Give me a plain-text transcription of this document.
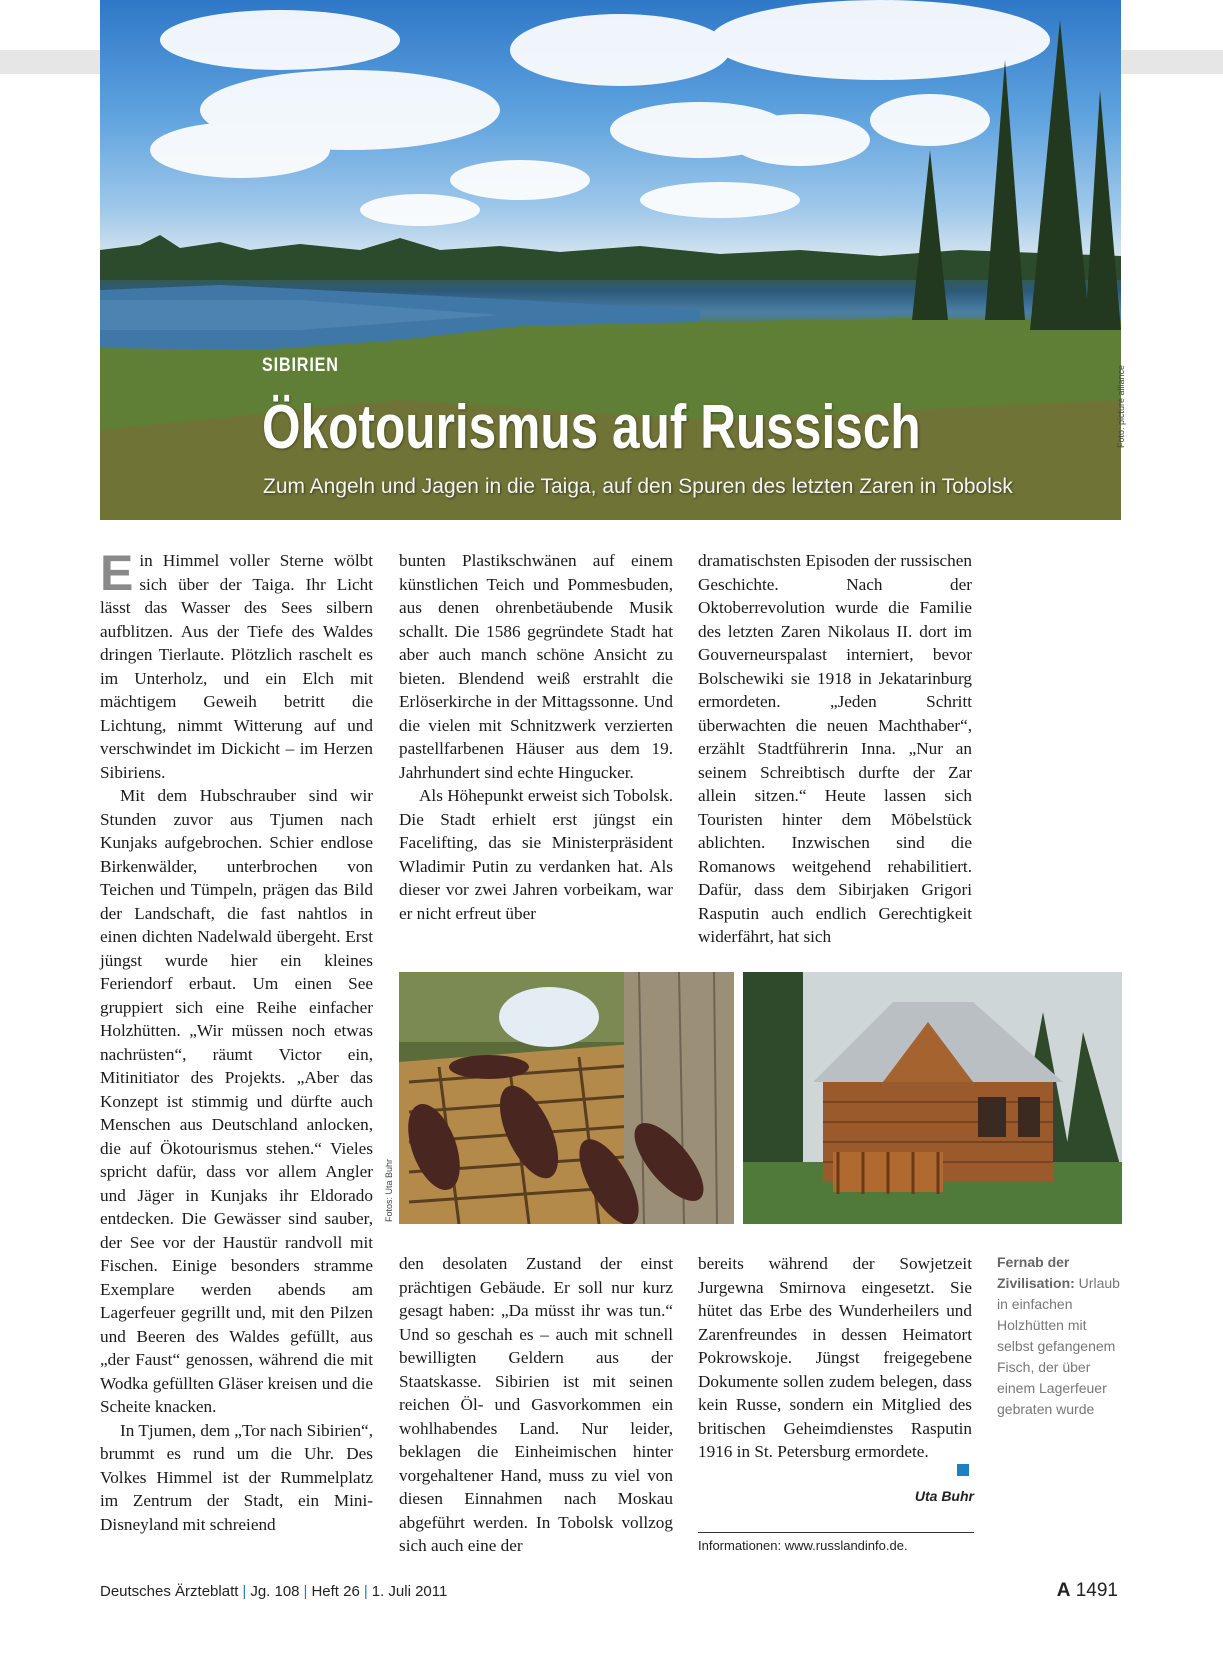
SIBIRIEN
Ökotourismus auf Russisch
Zum Angeln und Jagen in die Taiga, auf den Spuren des letzten Zaren in Tobolsk
Foto: picture alliance

Ein Himmel voller Sterne wölbt sich über der Taiga. Ihr Licht lässt das Wasser des Sees silbern aufblitzen. Aus der Tiefe des Waldes dringen Tierlaute. Plötzlich raschelt es im Unterholz, und ein Elch mit mächtigem Geweih betritt die Lichtung, nimmt Witterung auf und verschwindet im Dickicht – im Herzen Sibiriens.

Mit dem Hubschrauber sind wir Stunden zuvor aus Tjumen nach Kunjaks aufgebrochen. Schier endlose Birkenwälder, unterbrochen von Teichen und Tümpeln, prägen das Bild der Landschaft, die fast nahtlos in einen dichten Nadelwald übergeht. Erst jüngst wurde hier ein kleines Feriendorf erbaut. Um einen See gruppiert sich eine Reihe einfacher Holzhütten. „Wir müssen noch etwas nachrüsten“, räumt Victor ein, Mitinitiator des Projekts. „Aber das Konzept ist stimmig und dürfte auch Menschen aus Deutschland anlocken, die auf Ökotourismus stehen.“ Vieles spricht dafür, dass vor allem Angler und Jäger in Kunjaks ihr Eldorado entdecken. Die Gewässer sind sauber, der See vor der Haustür randvoll mit Fischen. Einige besonders stramme Exemplare werden abends am Lagerfeuer gegrillt und, mit den Pilzen und Beeren des Waldes gefüllt, aus „der Faust“ genossen, während die mit Wodka gefüllten Gläser kreisen und die Scheite knacken.

In Tjumen, dem „Tor nach Sibirien“, brummt es rund um die Uhr. Des Volkes Himmel ist der Rummelplatz im Zentrum der Stadt, ein Mini-Disneyland mit schreiend

bunten Plastikschwänen auf einem künstlichen Teich und Pommesbuden, aus denen ohrenbetäubende Musik schallt. Die 1586 gegründete Stadt hat aber auch manch schöne Ansicht zu bieten. Blendend weiß erstrahlt die Erlöserkirche in der Mittagssonne. Und die vielen mit Schnitzwerk verzierten pastellfarbenen Häuser aus dem 19. Jahrhundert sind echte Hingucker.

Als Höhepunkt erweist sich Tobolsk. Die Stadt erhielt erst jüngst ein Facelifting, das sie Ministerpräsident Wladimir Putin zu verdanken hat. Als dieser vor zwei Jahren vorbeikam, war er nicht erfreut über

dramatischsten Episoden der russischen Geschichte. Nach der Oktoberrevolution wurde die Familie des letzten Zaren Nikolaus II. dort im Gouverneurspalast interniert, bevor Bolschewiki sie 1918 in Jekatarinburg ermordeten. „Jeden Schritt überwachten die neuen Machthaber“, erzählt Stadtführerin Inna. „Nur an seinem Schreibtisch durfte der Zar allein sitzen.“ Heute lassen sich Touristen hinter dem Möbelstück ablichten. Inzwischen sind die Romanows weitgehend rehabilitiert. Dafür, dass dem Sibirjaken Grigori Rasputin auch endlich Gerechtigkeit widerfährt, hat sich

Fotos: Uta Buhr

den desolaten Zustand der einst prächtigen Gebäude. Er soll nur kurz gesagt haben: „Da müsst ihr was tun.“ Und so geschah es – auch mit schnell bewilligten Geldern aus der Staatskasse. Sibirien ist mit seinen reichen Öl- und Gasvorkommen ein wohlhabendes Land. Nur leider, beklagen die Einheimischen hinter vorgehaltener Hand, muss zu viel von diesen Einnahmen nach Moskau abgeführt werden. In Tobolsk vollzog sich auch eine der

bereits während der Sowjetzeit Jurgewna Smirnova eingesetzt. Sie hütet das Erbe des Wunderheilers und Zarenfreundes in dessen Heimatort Pokrowskoje. Jüngst freigegebene Dokumente sollen zudem belegen, dass kein Russe, sondern ein Mitglied des britischen Geheimdienstes Rasputin 1916 in St. Petersburg ermordete.

Uta Buhr
Informationen: www.russlandinfo.de.
Fernab der Zivilisation: Urlaub in einfachen Holzhütten mit selbst gefangenem Fisch, der über einem Lagerfeuer gebraten wurde
Deutsches Ärzteblatt | Jg. 108 | Heft 26 | 1. Juli 2011	A 1491
